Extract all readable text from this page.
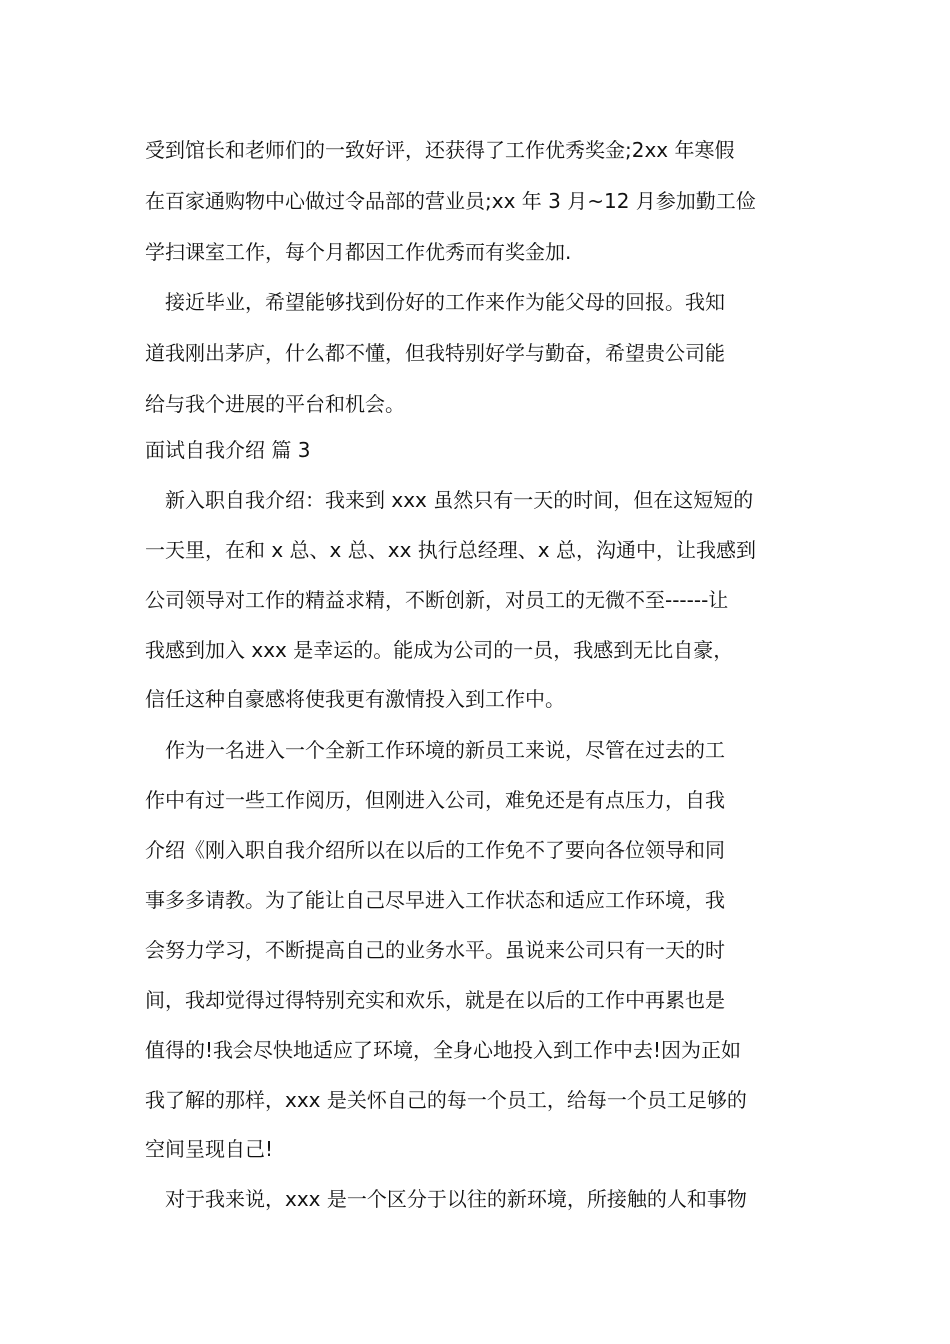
受到馆长和老师们的一致好评，还获得了工作优秀奖金;2xx 年寒假
在百家通购物中心做过令品部的营业员;xx 年 3 月~12 月参加勤工俭
学扫课室工作，每个月都因工作优秀而有奖金加.
接近毕业，希望能够找到份好的工作来作为能父母的回报。我知
道我刚出茅庐，什么都不懂，但我特别好学与勤奋，希望贵公司能
给与我个进展的平台和机会。
面试自我介绍 篇 3
新入职自我介绍：我来到 xxx 虽然只有一天的时间，但在这短短的
一天里，在和 x 总、x 总、xx 执行总经理、x 总，沟通中，让我感到
公司领导对工作的精益求精，不断创新，对员工的无微不至------让
我感到加入 xxx 是幸运的。能成为公司的一员，我感到无比自豪，
信任这种自豪感将使我更有激情投入到工作中。
作为一名进入一个全新工作环境的新员工来说，尽管在过去的工
作中有过一些工作阅历，但刚进入公司，难免还是有点压力，自我
介绍《刚入职自我介绍所以在以后的工作免不了要向各位领导和同
事多多请教。为了能让自己尽早进入工作状态和适应工作环境，我
会努力学习，不断提高自己的业务水平。虽说来公司只有一天的时
间，我却觉得过得特别充实和欢乐，就是在以后的工作中再累也是
值得的!我会尽快地适应了环境，全身心地投入到工作中去!因为正如
我了解的那样，xxx 是关怀自己的每一个员工，给每一个员工足够的
空间呈现自己!
对于我来说，xxx 是一个区分于以往的新环境，所接触的人和事物
